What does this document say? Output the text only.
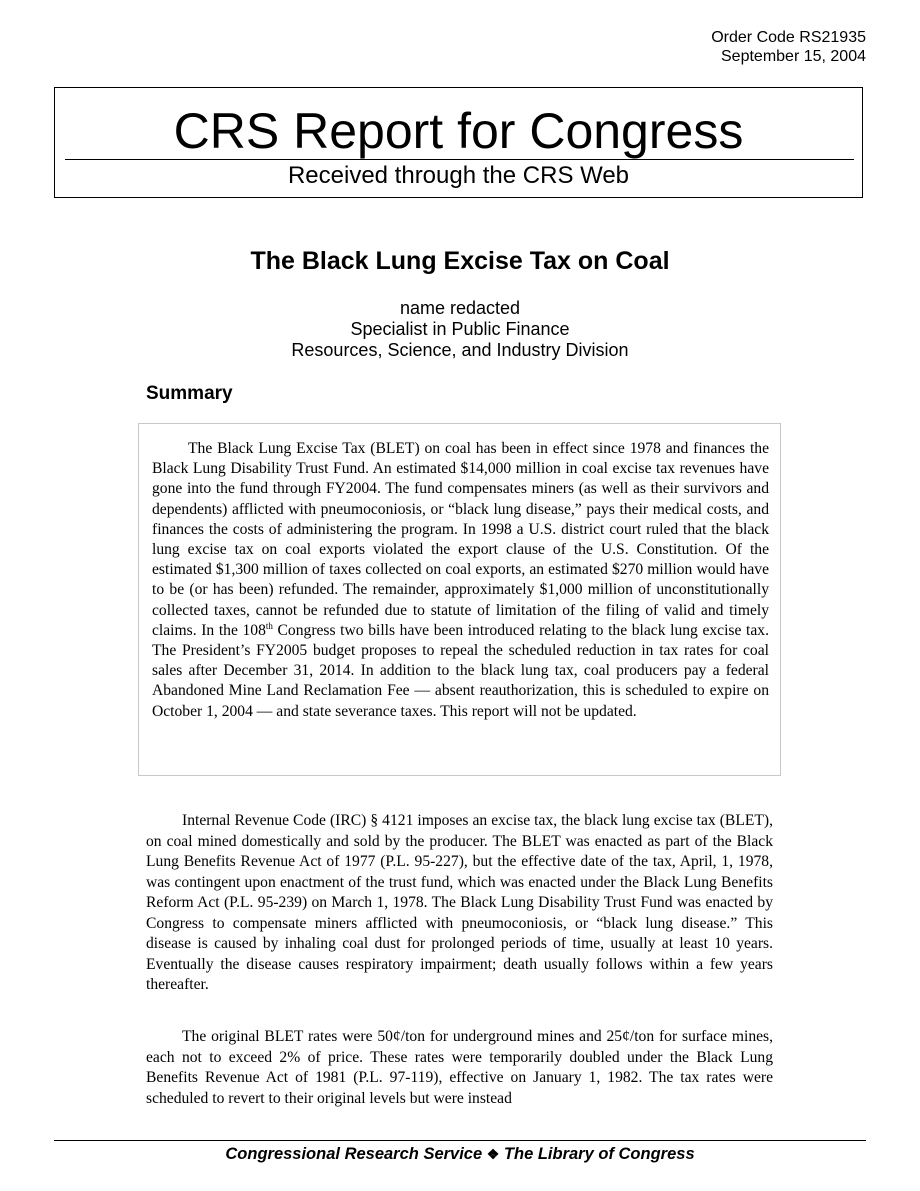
Order Code RS21935
September 15, 2004
CRS Report for Congress
Received through the CRS Web
The Black Lung Excise Tax on Coal
name redacted
Specialist in Public Finance
Resources, Science, and Industry Division
Summary

The Black Lung Excise Tax (BLET) on coal has been in effect since 1978 and finances the Black Lung Disability Trust Fund. An estimated $14,000 million in coal excise tax revenues have gone into the fund through FY2004. The fund compensates miners (as well as their survivors and dependents) afflicted with pneumoconiosis, or “black lung disease,” pays their medical costs, and finances the costs of administering the program. In 1998 a U.S. district court ruled that the black lung excise tax on coal exports violated the export clause of the U.S. Constitution. Of the estimated $1,300 million of taxes collected on coal exports, an estimated $270 million would have to be (or has been) refunded. The remainder, approximately $1,000 million of unconstitutionally collected taxes, cannot be refunded due to statute of limitation of the filing of valid and timely claims. In the 108th Congress two bills have been introduced relating to the black lung excise tax. The President’s FY2005 budget proposes to repeal the scheduled reduction in tax rates for coal sales after December 31, 2014. In addition to the black lung tax, coal producers pay a federal Abandoned Mine Land Reclamation Fee — absent reauthorization, this is scheduled to expire on October 1, 2004 — and state severance taxes. This report will not be updated.

Internal Revenue Code (IRC) § 4121 imposes an excise tax, the black lung excise tax (BLET), on coal mined domestically and sold by the producer. The BLET was enacted as part of the Black Lung Benefits Revenue Act of 1977 (P.L. 95-227), but the effective date of the tax, April, 1, 1978, was contingent upon enactment of the trust fund, which was enacted under the Black Lung Benefits Reform Act (P.L. 95-239) on March 1, 1978. The Black Lung Disability Trust Fund was enacted by Congress to compensate miners afflicted with pneumoconiosis, or “black lung disease.” This disease is caused by inhaling coal dust for prolonged periods of time, usually at least 10 years. Eventually the disease causes respiratory impairment; death usually follows within a few years thereafter.

The original BLET rates were 50¢/ton for underground mines and 25¢/ton for surface mines, each not to exceed 2% of price. These rates were temporarily doubled under the Black Lung Benefits Revenue Act of 1981 (P.L. 97-119), effective on January 1, 1982. The tax rates were scheduled to revert to their original levels but were instead

Congressional Research Service ❖ The Library of Congress
